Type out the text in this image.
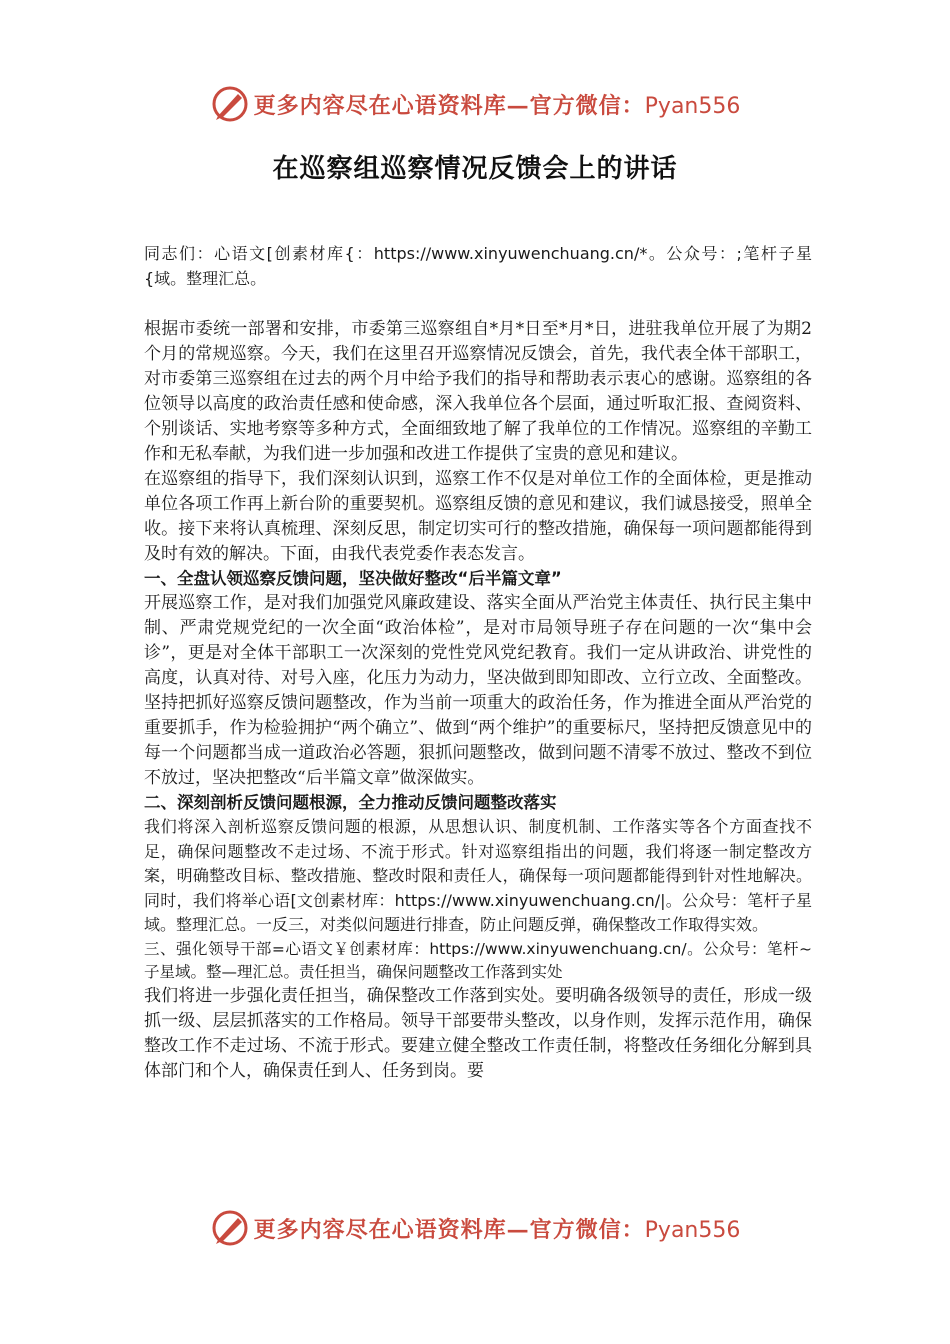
更多内容尽在心语资料库—官方微信：Pyan556
在巡察组巡察情况反馈会上的讲话

同志们：心语文[创素材库{：https://www.xinyuwenchuang.cn/*。公众号：;笔杆子星{域。整理汇总。

根据市委统一部署和安排，市委第三巡察组自*月*日至*月*日，进驻我单位开展了为期2个月的常规巡察。今天，我们在这里召开巡察情况反馈会，首先，我代表全体干部职工，对市委第三巡察组在过去的两个月中给予我们的指导和帮助表示衷心的感谢。巡察组的各位领导以高度的政治责任感和使命感，深入我单位各个层面，通过听取汇报、查阅资料、个别谈话、实地考察等多种方式，全面细致地了解了我单位的工作情况。巡察组的辛勤工作和无私奉献，为我们进一步加强和改进工作提供了宝贵的意见和建议。

在巡察组的指导下，我们深刻认识到，巡察工作不仅是对单位工作的全面体检，更是推动单位各项工作再上新台阶的重要契机。巡察组反馈的意见和建议，我们诚恳接受，照单全收。接下来将认真梳理、深刻反思，制定切实可行的整改措施，确保每一项问题都能得到及时有效的解决。下面，由我代表党委作表态发言。

一、全盘认领巡察反馈问题，坚决做好整改“后半篇文章”

开展巡察工作，是对我们加强党风廉政建设、落实全面从严治党主体责任、执行民主集中制、严肃党规党纪的一次全面“政治体检”，是对市局领导班子存在问题的一次“集中会诊”，更是对全体干部职工一次深刻的党性党风党纪教育。我们一定从讲政治、讲党性的高度，认真对待、对号入座，化压力为动力，坚决做到即知即改、立行立改、全面整改。坚持把抓好巡察反馈问题整改，作为当前一项重大的政治任务，作为推进全面从严治党的重要抓手，作为检验拥护“两个确立”、做到“两个维护”的重要标尺，坚持把反馈意见中的每一个问题都当成一道政治必答题，狠抓问题整改，做到问题不清零不放过、整改不到位不放过，坚决把整改“后半篇文章”做深做实。

二、深刻剖析反馈问题根源，全力推动反馈问题整改落实

我们将深入剖析巡察反馈问题的根源，从思想认识、制度机制、工作落实等各个方面查找不足，确保问题整改不走过场、不流于形式。针对巡察组指出的问题，我们将逐一制定整改方案，明确整改目标、整改措施、整改时限和责任人，确保每一项问题都能得到针对性地解决。同时，我们将举心语[文创素材库：https://www.xinyuwenchuang.cn/|。公众号：笔杆子星域。整理汇总。一反三，对类似问题进行排查，防止问题反弹，确保整改工作取得实效。

三、强化领导干部=心语文￥创素材库：https://www.xinyuwenchuang.cn/。公众号：笔杆~子星域。整—理汇总。责任担当，确保问题整改工作落到实处

我们将进一步强化责任担当，确保整改工作落到实处。要明确各级领导的责任，形成一级抓一级、层层抓落实的工作格局。领导干部要带头整改，以身作则，发挥示范作用，确保整改工作不走过场、不流于形式。要建立健全整改工作责任制，将整改任务细化分解到具体部门和个人，确保责任到人、任务到岗。要

更多内容尽在心语资料库—官方微信：Pyan556
